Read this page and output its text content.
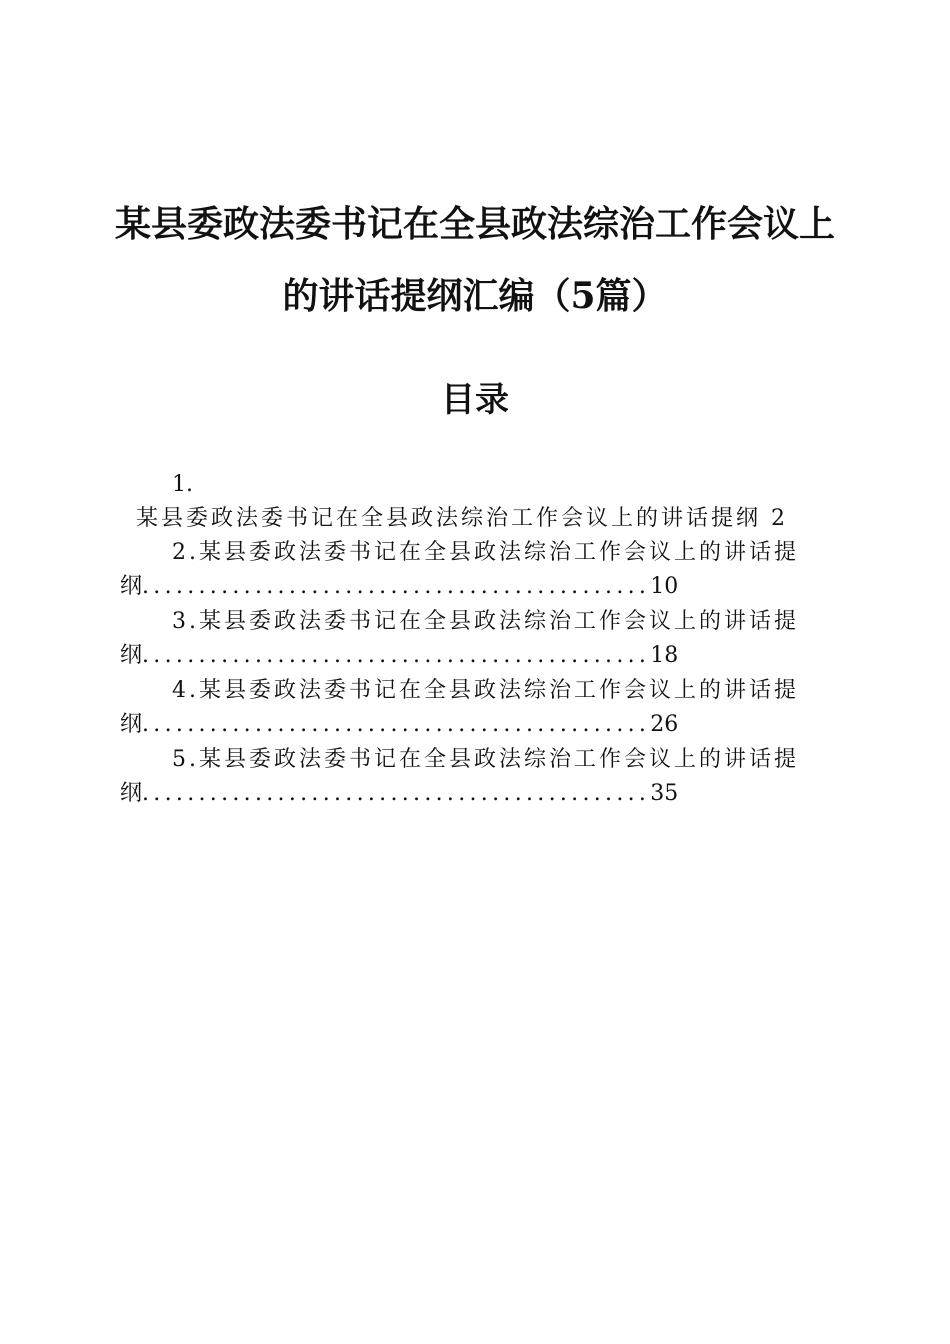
某县委政法委书记在全县政法综治工作会议上
的讲话提纲汇编（5篇）
目录
1.
某县委政法委书记在全县政法综治工作会议上的讲话提纲 2
2.某县委政法委书记在全县政法综治工作会议上的讲话提
纲.............................................10
3.某县委政法委书记在全县政法综治工作会议上的讲话提
纲.............................................18
4.某县委政法委书记在全县政法综治工作会议上的讲话提
纲.............................................26
5.某县委政法委书记在全县政法综治工作会议上的讲话提
纲.............................................35
